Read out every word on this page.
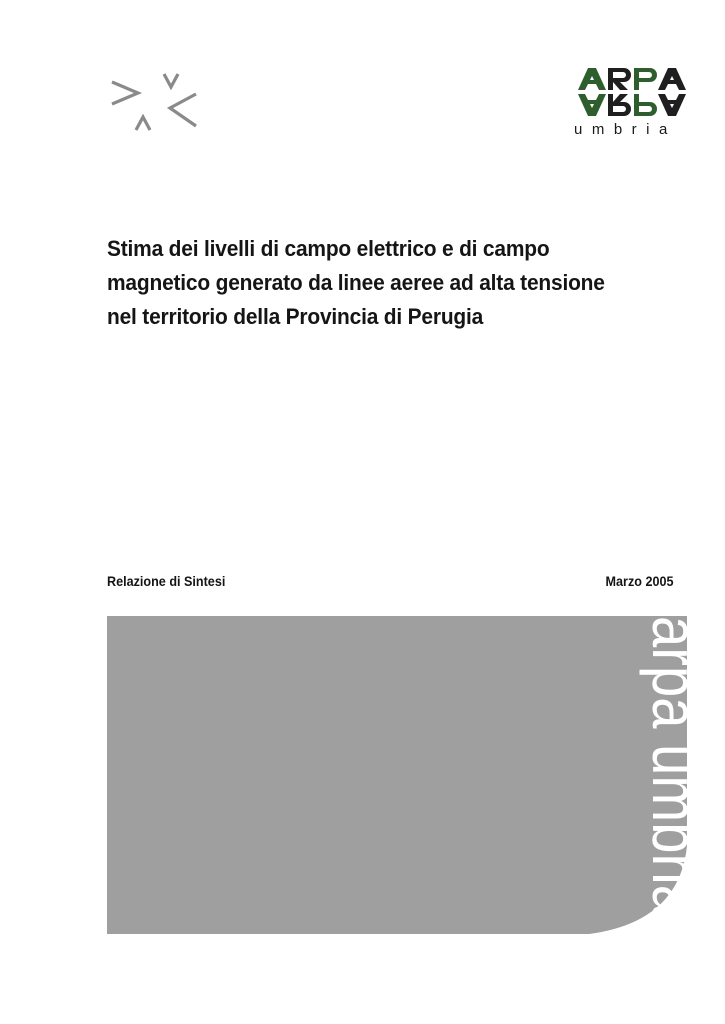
umbria
Stima dei livelli di campo elettrico e di campo
magnetico generato da linee aeree ad alta tensione
nel territorio della Provincia di Perugia
Relazione di Sintesi	Marzo 2005
arpa umbria
